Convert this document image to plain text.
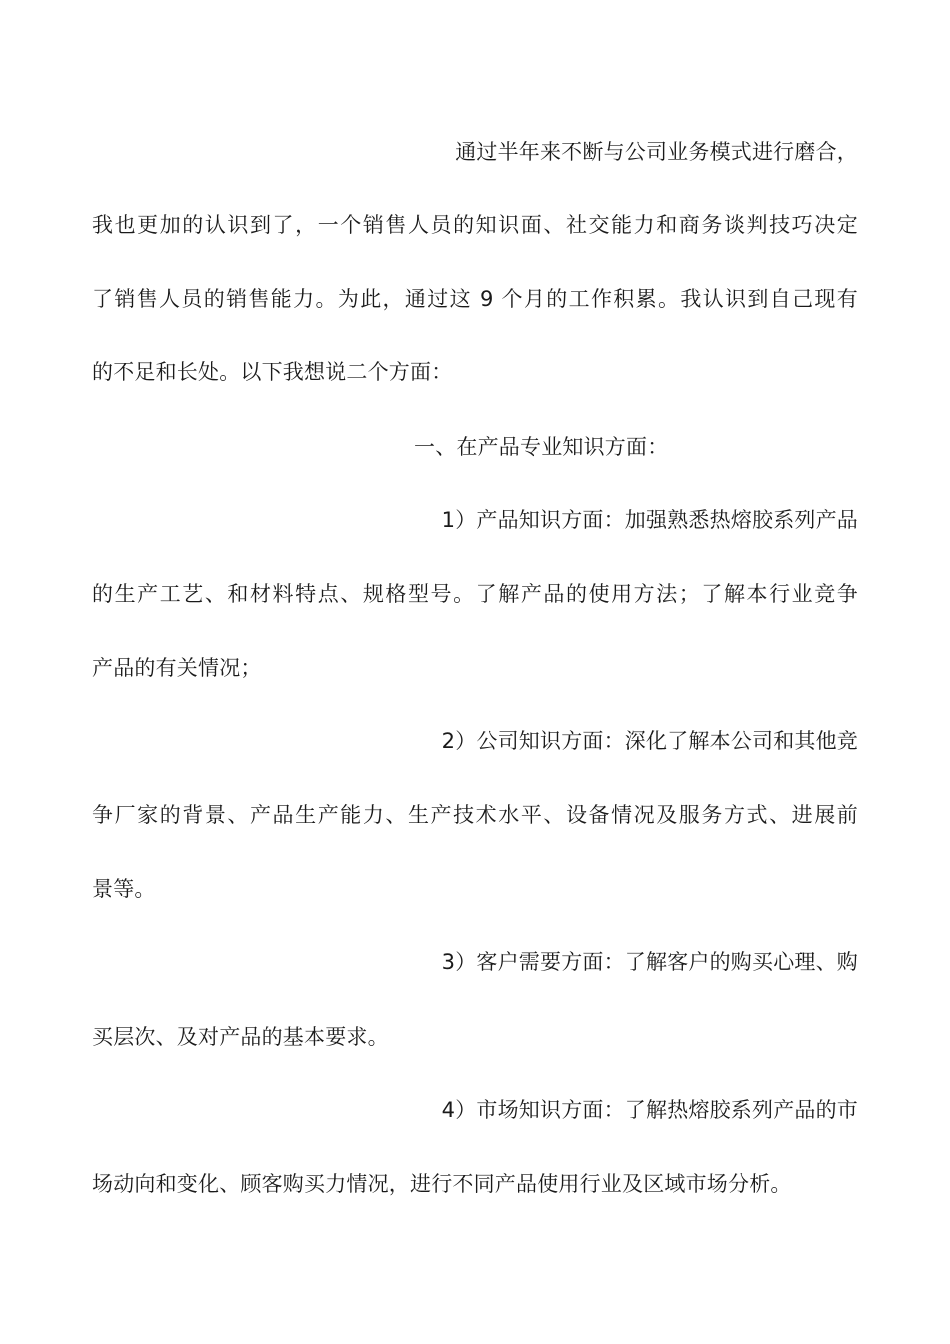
通过半年来不断与公司业务模式进行磨合，
我也更加的认识到了，一个销售人员的知识面、社交能力和商务谈判技巧决定
了销售人员的销售能力。为此，通过这 9 个月的工作积累。我认识到自己现有
的不足和长处。以下我想说二个方面：
一、在产品专业知识方面：
1）产品知识方面：加强熟悉热熔胶系列产品
的生产工艺、和材料特点、规格型号。了解产品的使用方法；了解本行业竞争
产品的有关情况；
2）公司知识方面：深化了解本公司和其他竞
争厂家的背景、产品生产能力、生产技术水平、设备情况及服务方式、进展前
景等。
3）客户需要方面：了解客户的购买心理、购
买层次、及对产品的基本要求。
4）市场知识方面：了解热熔胶系列产品的市
场动向和变化、顾客购买力情况，进行不同产品使用行业及区域市场分析。
